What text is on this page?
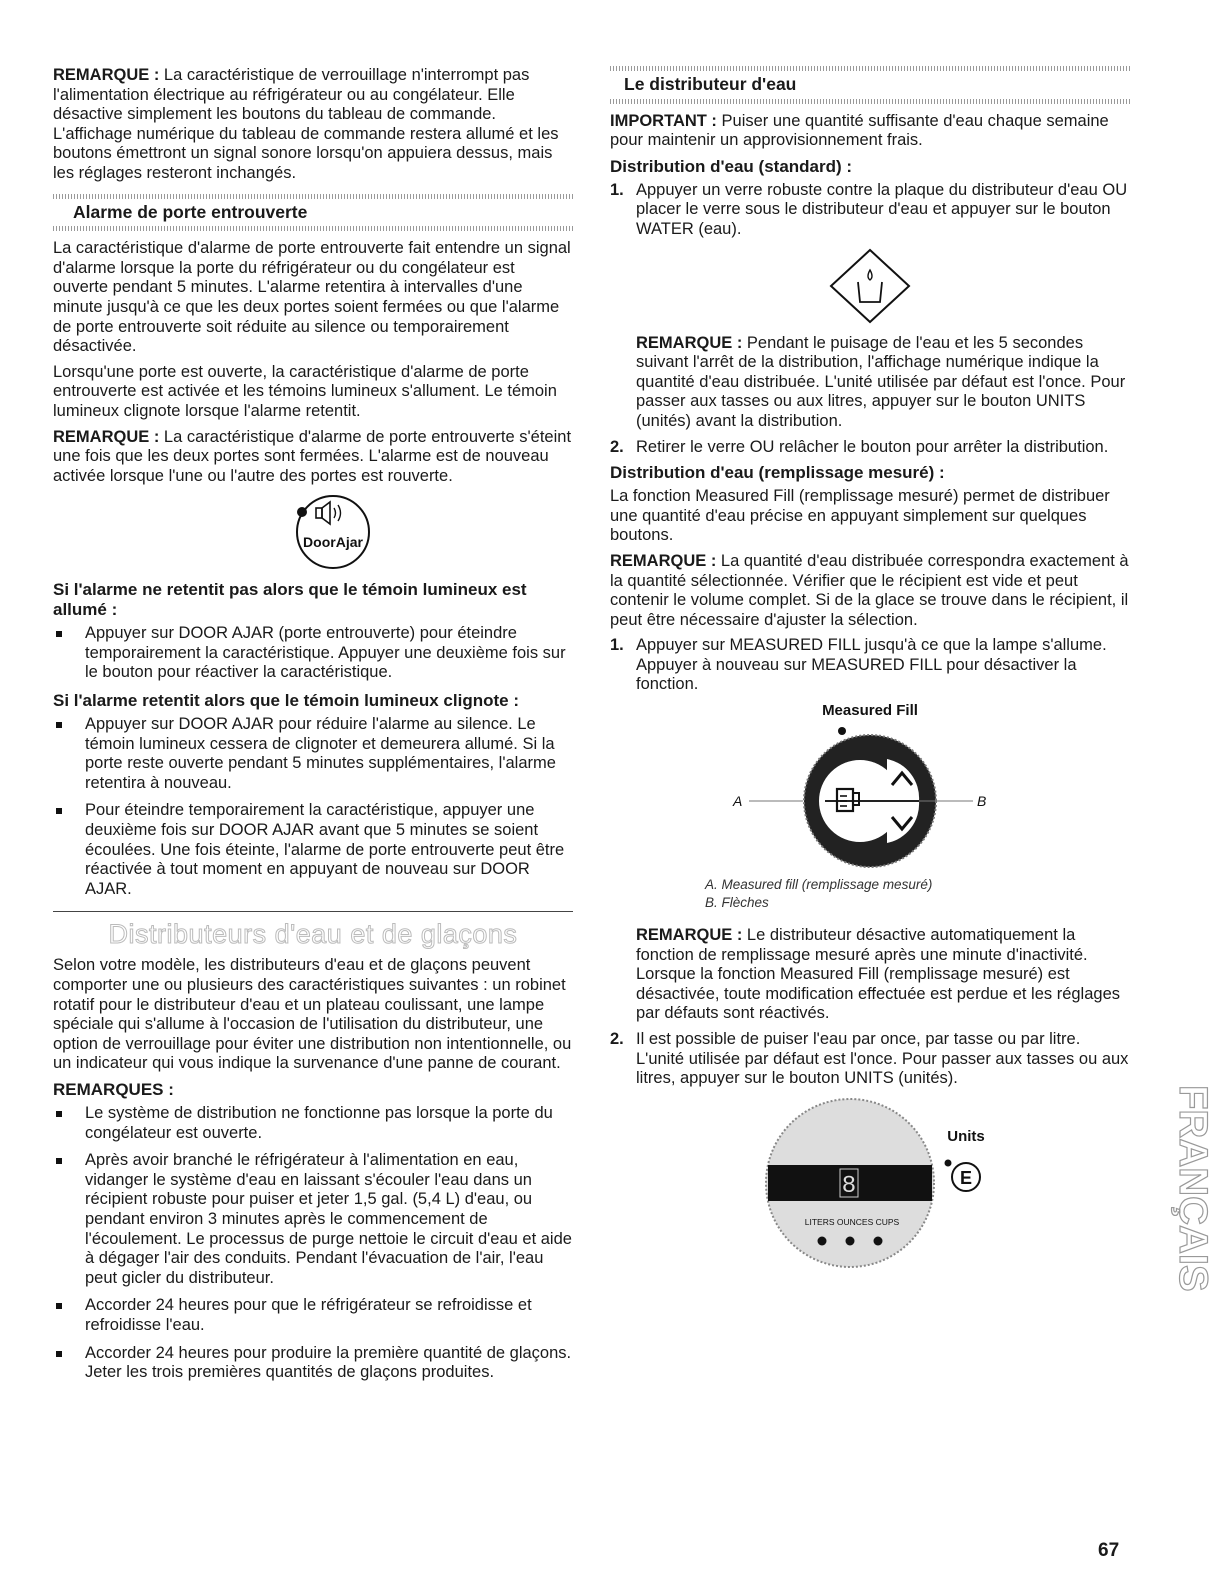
REMARQUE : La caractéristique de verrouillage n'interrompt pas l'alimentation électrique au réfrigérateur ou au congélateur. Elle désactive simplement les boutons du tableau de commande. L'affichage numérique du tableau de commande restera allumé et les boutons émettront un signal sonore lorsqu'on appuiera dessus, mais les réglages resteront inchangés.

Alarme de porte entrouverte

La caractéristique d'alarme de porte entrouverte fait entendre un signal d'alarme lorsque la porte du réfrigérateur ou du congélateur est ouverte pendant 5 minutes. L'alarme retentira à intervalles d'une minute jusqu'à ce que les deux portes soient fermées ou que l'alarme de porte entrouverte soit réduite au silence ou temporairement désactivée.

Lorsqu'une porte est ouverte, la caractéristique d'alarme de porte entrouverte est activée et les témoins lumineux s'allument. Le témoin lumineux clignote lorsque l'alarme retentit.

REMARQUE : La caractéristique d'alarme de porte entrouverte s'éteint une fois que les deux portes sont fermées. L'alarme est de nouveau activée lorsque l'une ou l'autre des portes est rouverte.

DoorAjar
Si l'alarme ne retentit pas alors que le témoin lumineux est allumé :
Appuyer sur DOOR AJAR (porte entrouverte) pour éteindre temporairement la caractéristique. Appuyer une deuxième fois sur le bouton pour réactiver la caractéristique.
Si l'alarme retentit alors que le témoin lumineux clignote :
Appuyer sur DOOR AJAR pour réduire l'alarme au silence. Le témoin lumineux cessera de clignoter et demeurera allumé. Si la porte reste ouverte pendant 5 minutes supplémentaires, l'alarme retentira à nouveau.
Pour éteindre temporairement la caractéristique, appuyer une deuxième fois sur DOOR AJAR avant que 5 minutes se soient écoulées. Une fois éteinte, l'alarme de porte entrouverte peut être réactivée à tout moment en appuyant de nouveau sur DOOR AJAR.
Distributeurs d'eau et de glaçons

Selon votre modèle, les distributeurs d'eau et de glaçons peuvent comporter une ou plusieurs des caractéristiques suivantes : un robinet rotatif pour le distributeur d'eau et un plateau coulissant, une lampe spéciale qui s'allume à l'occasion de l'utilisation du distributeur, une option de verrouillage pour éviter une distribution non intentionnelle, ou un indicateur qui vous indique la survenance d'une panne de courant.

REMARQUES :
Le système de distribution ne fonctionne pas lorsque la porte du congélateur est ouverte.
Après avoir branché le réfrigérateur à l'alimentation en eau, vidanger le système d'eau en laissant s'écouler l'eau dans un récipient robuste pour puiser et jeter 1,5 gal. (5,4 L) d'eau, ou pendant environ 3 minutes après le commencement de l'écoulement. Le processus de purge nettoie le circuit d'eau et aide à dégager l'air des conduits. Pendant l'évacuation de l'air, l'eau peut gicler du distributeur.
Accorder 24 heures pour que le réfrigérateur se refroidisse et refroidisse l'eau.
Accorder 24 heures pour produire la première quantité de glaçons. Jeter les trois premières quantités de glaçons produites.
Le distributeur d'eau

IMPORTANT : Puiser une quantité suffisante d'eau chaque semaine pour maintenir un approvisionnement frais.

Distribution d'eau (standard) :
1. Appuyer un verre robuste contre la plaque du distributeur d'eau OU placer le verre sous le distributeur d'eau et appuyer sur le bouton WATER (eau).

REMARQUE : Pendant le puisage de l'eau et les 5 secondes suivant l'arrêt de la distribution, l'affichage numérique indique la quantité d'eau distribuée. L'unité utilisée par défaut est l'once. Pour passer aux tasses ou aux litres, appuyer sur le bouton UNITS (unités) avant la distribution.

2. Retirer le verre OU relâcher le bouton pour arrêter la distribution.
Distribution d'eau (remplissage mesuré) :

La fonction Measured Fill (remplissage mesuré) permet de distribuer une quantité d'eau précise en appuyant simplement sur quelques boutons.

REMARQUE : La quantité d'eau distribuée correspondra exactement à la quantité sélectionnée. Vérifier que le récipient est vide et peut contenir le volume complet. Si de la glace se trouve dans le récipient, il peut être nécessaire d'ajuster la sélection.

1. Appuyer sur MEASURED FILL jusqu'à ce que la lampe s'allume. Appuyer à nouveau sur MEASURED FILL pour désactiver la fonction.
Measured Fill
A	B
A. Measured fill (remplissage mesuré)
B. Flèches

REMARQUE : Le distributeur désactive automatiquement la fonction de remplissage mesuré après une minute d'inactivité. Lorsque la fonction Measured Fill (remplissage mesuré) est désactivée, toute modification effectuée est perdue et les réglages par défauts sont réactivés.

2. Il est possible de puiser l'eau par once, par tasse ou par litre. L'unité utilisée par défaut est l'once. Pour passer aux tasses ou aux litres, appuyer sur le bouton UNITS (unités).
8
LITERS OUNCES CUPS
Units
E	FRANÇAIS
67
